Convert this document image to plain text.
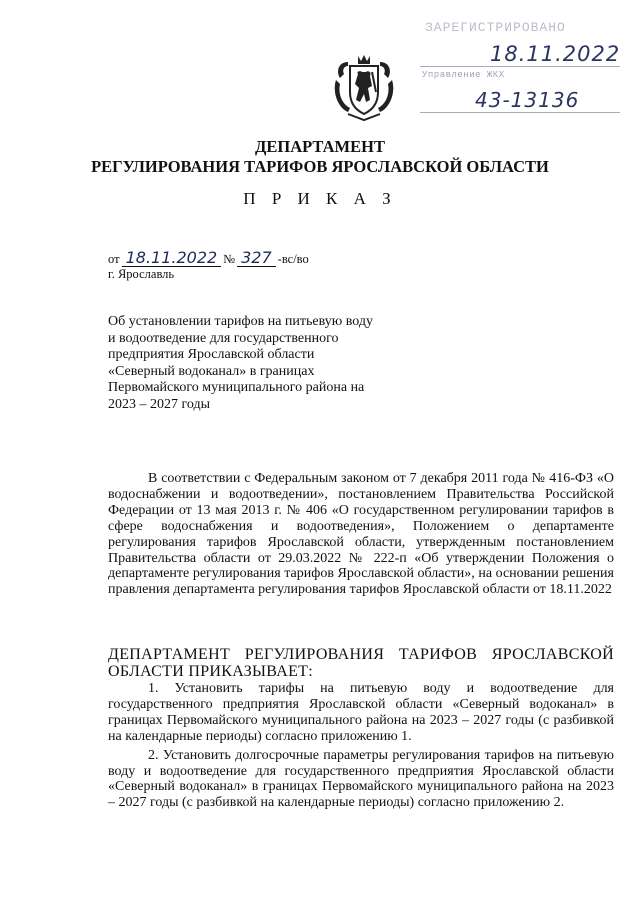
ЗАРЕГИСТРИРОВАНО
18.11.2022
Управление ЖКХ
43-13136
ДЕПАРТАМЕНТ
РЕГУЛИРОВАНИЯ ТАРИФОВ ЯРОСЛАВСКОЙ ОБЛАСТИ
П Р И К А З
от 18.11.2022 № 327 -вс/во
г. Ярославль
Об установлении тарифов на питьевую воду и водоотведение для государственного предприятия Ярославской области «Северный водоканал» в границах Первомайского муниципального района на 2023 – 2027 годы
В соответствии с Федеральным законом от 7 декабря 2011 года № 416-ФЗ «О водоснабжении и водоотведении», постановлением Правительства Российской Федерации от 13 мая 2013 г. № 406 «О государственном регулировании тарифов в сфере водоснабжения и водоотведения», Положением о департаменте регулирования тарифов Ярославской области, утвержденным постановлением Правительства области от 29.03.2022 № 222-п «Об утверждении Положения о департаменте регулирования тарифов Ярославской области», на основании решения правления департамента регулирования тарифов Ярославской области от 18.11.2022
ДЕПАРТАМЕНТ РЕГУЛИРОВАНИЯ ТАРИФОВ ЯРОСЛАВСКОЙ ОБЛАСТИ ПРИКАЗЫВАЕТ:

1. Установить тарифы на питьевую воду и водоотведение для государственного предприятия Ярославской области «Северный водоканал» в границах Первомайского муниципального района на 2023 – 2027 годы (с разбивкой на календарные периоды) согласно приложению 1.

2. Установить долгосрочные параметры регулирования тарифов на питьевую воду и водоотведение для государственного предприятия Ярославской области «Северный водоканал» в границах Первомайского муниципального района на 2023 – 2027 годы (с разбивкой на календарные периоды) согласно приложению 2.
